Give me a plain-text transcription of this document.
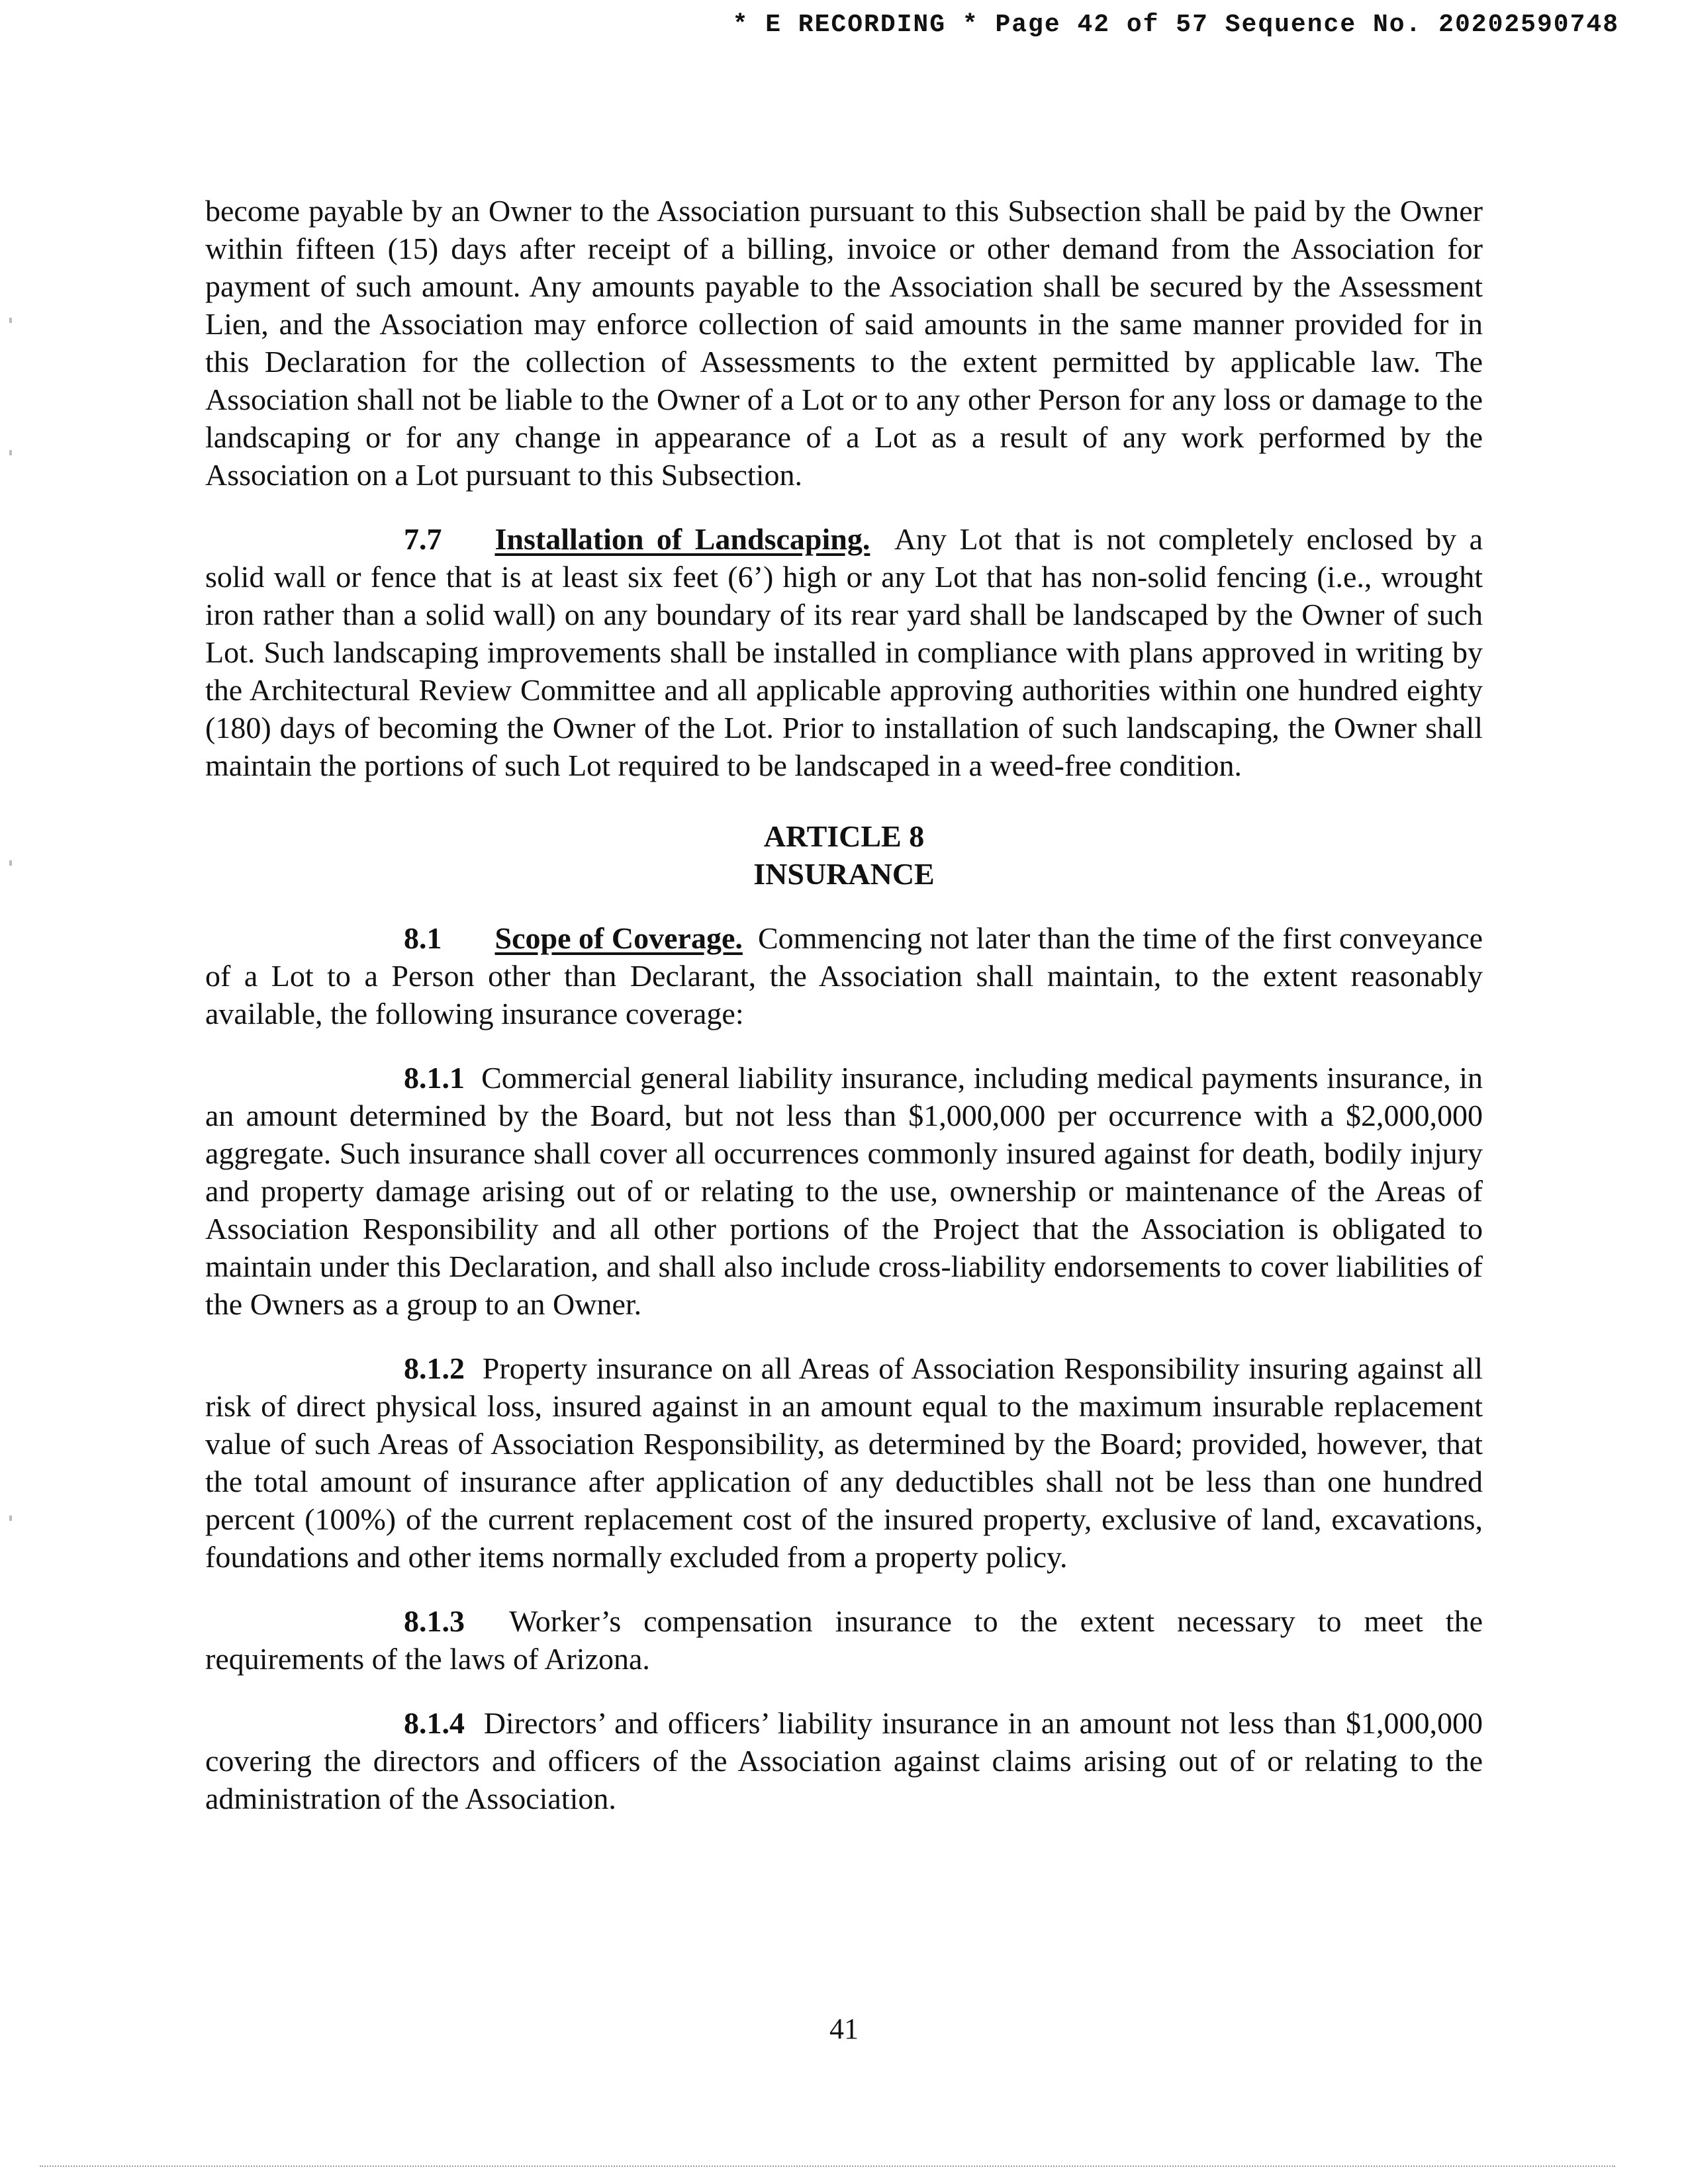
* E RECORDING * Page 42 of 57 Sequence No. 20202590748

become payable by an Owner to the Association pursuant to this Subsection shall be paid by the Owner within fifteen (15) days after receipt of a billing, invoice or other demand from the Association for payment of such amount. Any amounts payable to the Association shall be secured by the Assessment Lien, and the Association may enforce collection of said amounts in the same manner provided for in this Declaration for the collection of Assessments to the extent permitted by applicable law. The Association shall not be liable to the Owner of a Lot or to any other Person for any loss or damage to the landscaping or for any change in appearance of a Lot as a result of any work performed by the Association on a Lot pursuant to this Subsection.

7.7 Installation of Landscaping. Any Lot that is not completely enclosed by a solid wall or fence that is at least six feet (6’) high or any Lot that has non-solid fencing (i.e., wrought iron rather than a solid wall) on any boundary of its rear yard shall be landscaped by the Owner of such Lot. Such landscaping improvements shall be installed in compliance with plans approved in writing by the Architectural Review Committee and all applicable approving authorities within one hundred eighty (180) days of becoming the Owner of the Lot. Prior to installation of such landscaping, the Owner shall maintain the portions of such Lot required to be landscaped in a weed-free condition.

ARTICLE 8
INSURANCE

8.1 Scope of Coverage. Commencing not later than the time of the first conveyance of a Lot to a Person other than Declarant, the Association shall maintain, to the extent reasonably available, the following insurance coverage:

8.1.1 Commercial general liability insurance, including medical payments insurance, in an amount determined by the Board, but not less than $1,000,000 per occurrence with a $2,000,000 aggregate. Such insurance shall cover all occurrences commonly insured against for death, bodily injury and property damage arising out of or relating to the use, ownership or maintenance of the Areas of Association Responsibility and all other portions of the Project that the Association is obligated to maintain under this Declaration, and shall also include cross-liability endorsements to cover liabilities of the Owners as a group to an Owner.

8.1.2 Property insurance on all Areas of Association Responsibility insuring against all risk of direct physical loss, insured against in an amount equal to the maximum insurable replacement value of such Areas of Association Responsibility, as determined by the Board; provided, however, that the total amount of insurance after application of any deductibles shall not be less than one hundred percent (100%) of the current replacement cost of the insured property, exclusive of land, excavations, foundations and other items normally excluded from a property policy.

8.1.3 Worker’s compensation insurance to the extent necessary to meet the requirements of the laws of Arizona.

8.1.4 Directors’ and officers’ liability insurance in an amount not less than $1,000,000 covering the directors and officers of the Association against claims arising out of or relating to the administration of the Association.

41
